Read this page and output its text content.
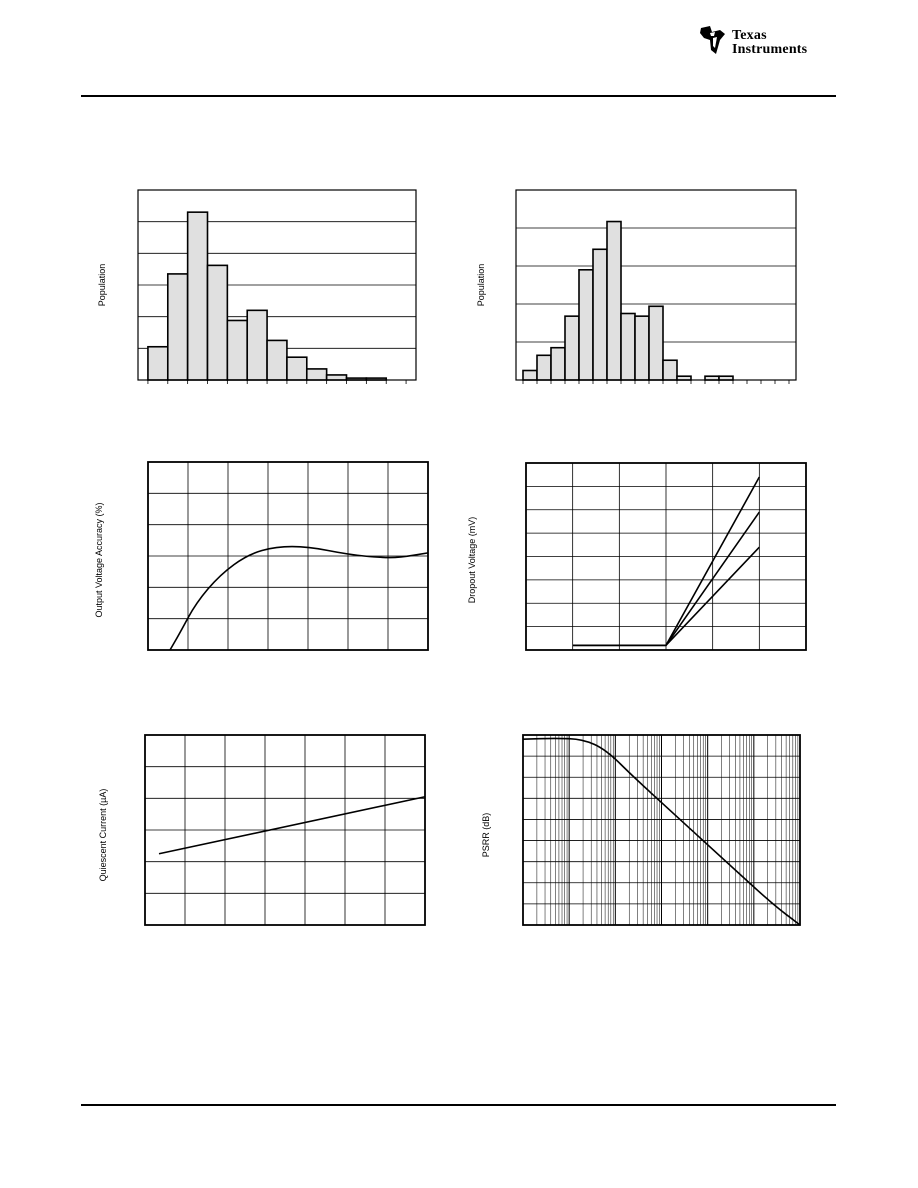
Texas
Instruments
Population	Population
Output Voltage Accuracy (%)	Dropout Voltage (mV)
Quiescent Current (µA)	PSRR (dB)
